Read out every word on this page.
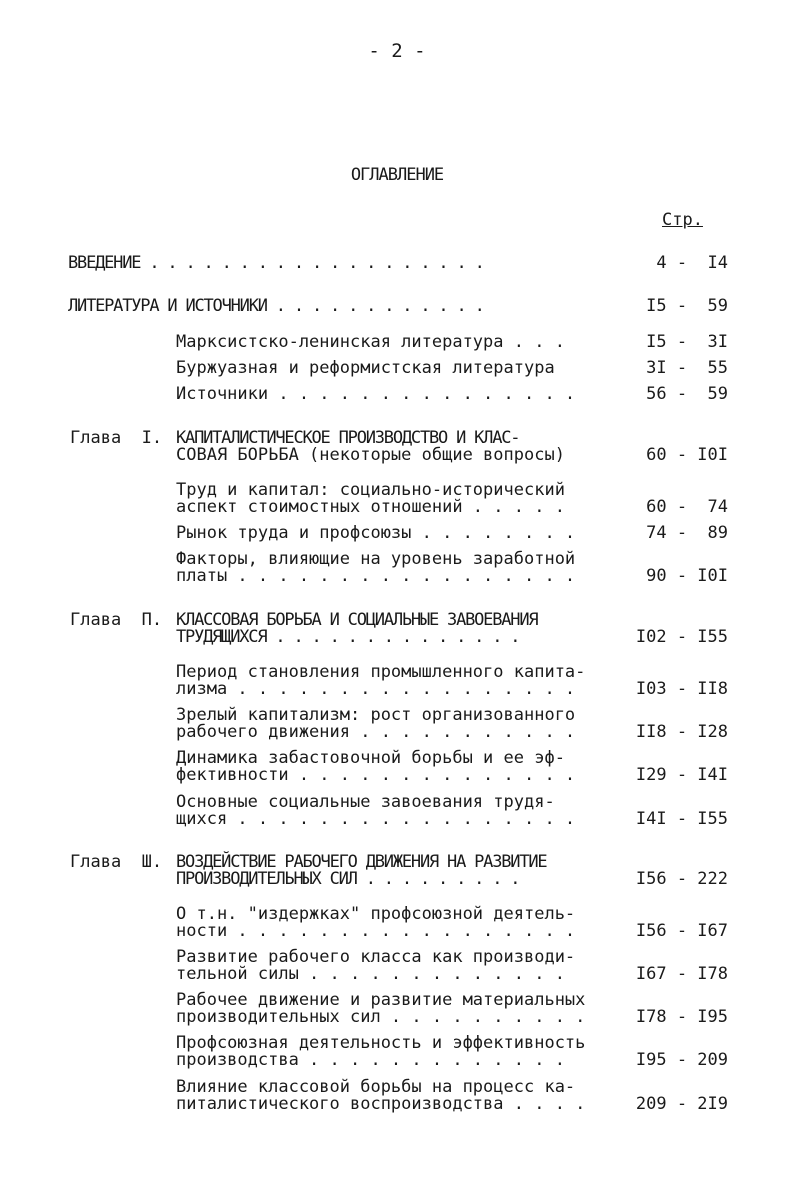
- 2 -
ОГЛАВЛЕНИЕ
Стр.
ВВЕДЕНИЕ . . . . . . . . . . . . . . . . . . .	4 -  I4
ЛИТЕРАТУРА И ИСТОЧНИКИ . . . . . . . . . . . .	I5 -  59
Марксистско-ленинская литература . . .	I5 -  3I
Буржуазная и реформистская литература	3I -  55
Источники . . . . . . . . . . . . . . .	56 -  59
Глава  I. КАПИТАЛИСТИЧЕСКОЕ ПРОИЗВОДСТВО И КЛАС-
СОВАЯ БОРЬБА (некоторые общие вопросы)	60 - I0I
Труд и капитал: социально-исторический
аспект стоимостных отношений . . . . .	60 -  74
Рынок труда и профсоюзы . . . . . . . .	74 -  89
Факторы, влияющие на уровень заработной
платы . . . . . . . . . . . . . . . . .	90 - I0I
Глава  П. КЛАССОВАЯ БОРЬБА И СОЦИАЛЬНЫЕ ЗАВОЕВАНИЯ
ТРУДЯЩИХСЯ . . . . . . . . . . . . . .	I02 - I55
Период становления промышленного капита-
лизма . . . . . . . . . . . . . . . . .	I03 - II8
Зрелый капитализм: рост организованного
рабочего движения . . . . . . . . . . .	II8 - I28
Динамика забастовочной борьбы и ее эф-
фективности . . . . . . . . . . . . . .	I29 - I4I
Основные социальные завоевания трудя-
щихся . . . . . . . . . . . . . . . . .	I4I - I55
Глава  Ш. ВОЗДЕЙСТВИЕ РАБОЧЕГО ДВИЖЕНИЯ НА РАЗВИТИЕ
ПРОИЗВОДИТЕЛЬНЫХ СИЛ . . . . . . . . .	I56 - 222
О т.н. "издержках" профсоюзной деятель-
ности . . . . . . . . . . . . . . . . .	I56 - I67
Развитие рабочего класса как производи-
тельной силы . . . . . . . . . . . . .	I67 - I78
Рабочее движение и развитие материальных
производительных сил . . . . . . . . . .	I78 - I95
Профсоюзная деятельность и эффективность
производства . . . . . . . . . . . . .	I95 - 209
Влияние классовой борьбы на процесс ка-
питалистического воспроизводства . . . .	209 - 2I9
